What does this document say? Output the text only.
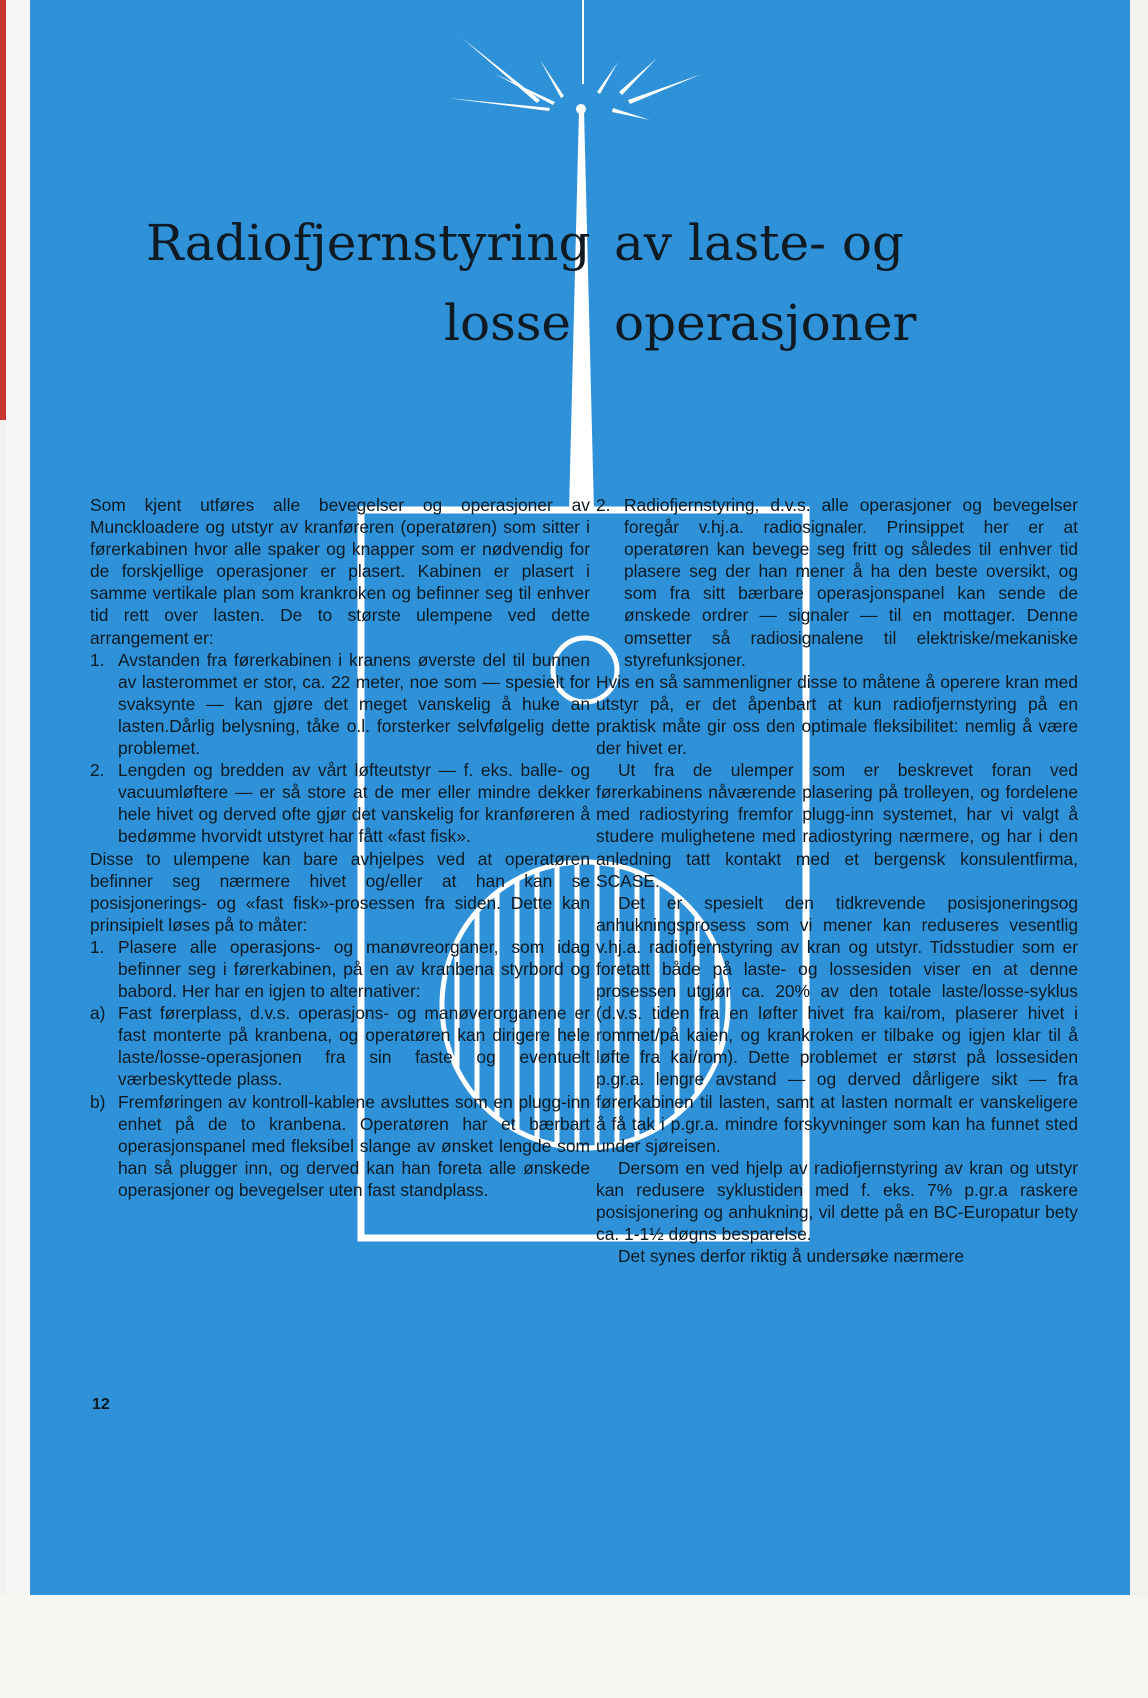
Radiofjernstyring av laste- og
losse operasjoner

Som kjent utføres alle bevegelser og operasjoner av Munckloadere og utstyr av kranføreren (operatøren) som sitter i førerkabinen hvor alle spaker og knapper som er nødvendig for de forskjellige operasjoner er plasert. Kabinen er plasert i samme vertikale plan som krankroken og befinner seg til enhver tid rett over lasten. De to største ulempene ved dette arrangement er:

1. Avstanden fra førerkabinen i kranens øverste del til bunnen av lasterommet er stor, ca. 22 meter, noe som — spesielt for svaksynte — kan gjøre det meget vanskelig å huke an lasten.Dårlig belysning, tåke o.l. forsterker selvfølgelig dette problemet.
2. Lengden og bredden av vårt løfteutstyr — f. eks. balle- og vacuumløftere — er så store at de mer eller mindre dekker hele hivet og derved ofte gjør det vanskelig for kranføreren å bedømme hvorvidt utstyret har fått «fast fisk».

Disse to ulempene kan bare avhjelpes ved at operatøren befinner seg nærmere hivet og/eller at han kan se posisjonerings- og «fast fisk»-prosessen fra siden. Dette kan prinsipielt løses på to måter:

1. Plasere alle operasjons- og manøvreorganer, som idag befinner seg i førerkabinen, på en av kranbena styrbord og babord. Her har en igjen to alternativer:
a) Fast førerplass, d.v.s. operasjons- og manøverorganene er fast monterte på kranbena, og operatøren kan dirigere hele laste/losse-operasjonen fra sin faste og eventuelt værbeskyttede plass.
b) Fremføringen av kontroll-kablene avsluttes som en plugg-inn enhet på de to kranbena. Operatøren har et bærbart operasjonspanel med fleksibel slange av ønsket lengde som han så plugger inn, og derved kan han foreta alle ønskede operasjoner og bevegelser uten fast standplass.
2. Radiofjernstyring, d.v.s. alle operasjoner og bevegelser foregår v.hj.a. radiosignaler. Prinsippet her er at operatøren kan bevege seg fritt og således til enhver tid plasere seg der han mener å ha den beste oversikt, og som fra sitt bærbare operasjonspanel kan sende de ønskede ordrer — signaler — til en mottager. Denne omsetter så radiosignalene til elektriske/mekaniske styrefunksjoner.

Hvis en så sammenligner disse to måtene å operere kran med utstyr på, er det åpenbart at kun radiofjernstyring på en praktisk måte gir oss den optimale fleksibilitet: nemlig å være der hivet er.

Ut fra de ulemper som er beskrevet foran ved førerkabinens nåværende plasering på trolleyen, og fordelene med radiostyring fremfor plugg-inn systemet, har vi valgt å studere mulighetene med radiostyring nærmere, og har i den anledning tatt kontakt med et bergensk konsulentfirma, SCASE.

Det er spesielt den tidkrevende posisjoneringsog anhukningsprosess som vi mener kan reduseres vesentlig v.hj.a. radiofjernstyring av kran og utstyr. Tidsstudier som er foretatt både på laste- og lossesiden viser en at denne prosessen utgjør ca. 20% av den totale laste/losse-syklus (d.v.s. tiden fra en løfter hivet fra kai/rom, plaserer hivet i rommet/på kaien, og krankroken er tilbake og igjen klar til å løfte fra kai/rom). Dette problemet er størst på lossesiden p.gr.a. lengre avstand — og derved dårligere sikt — fra førerkabinen til lasten, samt at lasten normalt er vanskeligere å få tak i p.gr.a. mindre forskyvninger som kan ha funnet sted under sjøreisen.

Dersom en ved hjelp av radiofjernstyring av kran og utstyr kan redusere syklustiden med f. eks. 7% p.gr.a raskere posisjonering og anhukning, vil dette på en BC-Europatur bety ca. 1-1½ døgns besparelse.

Det synes derfor riktig å undersøke nærmere

12
